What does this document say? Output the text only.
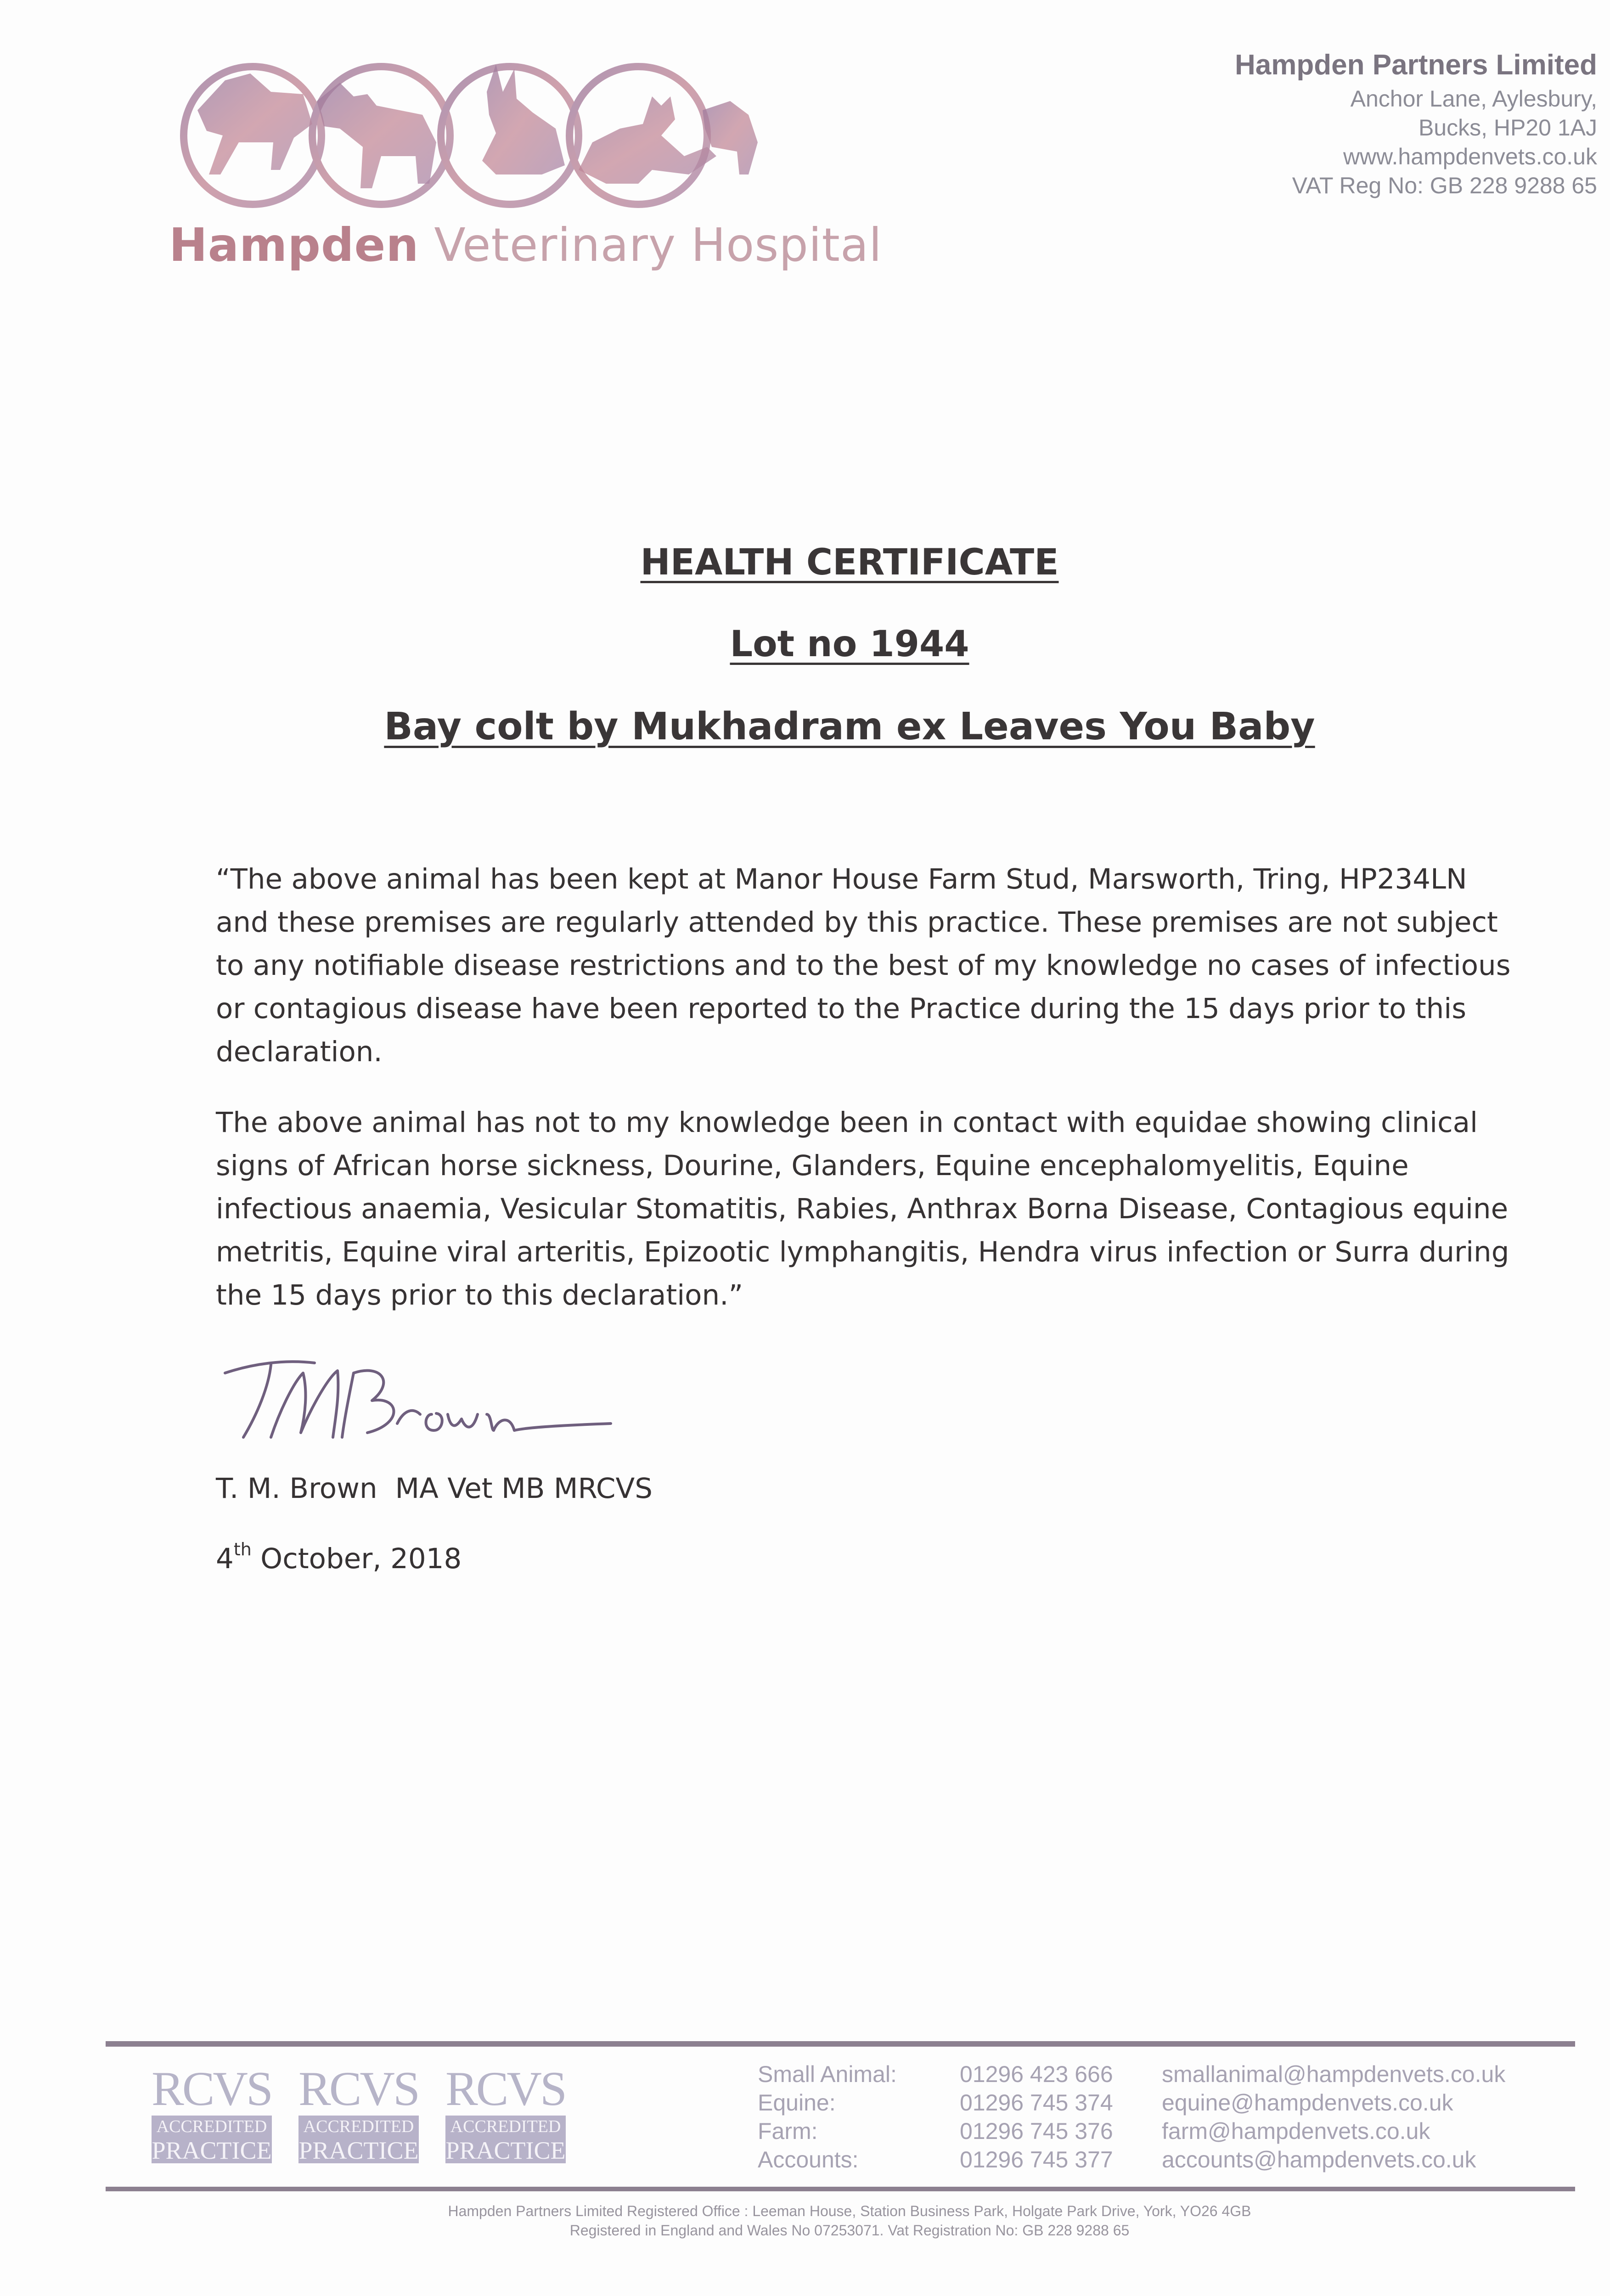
Hampden Veterinary Hospital
Hampden Partners Limited
Anchor Lane, Aylesbury,
Bucks, HP20 1AJ
www.hampdenvets.co.uk
VAT Reg No: GB 228 9288 65
HEALTH CERTIFICATE
Lot no 1944
Bay colt by Mukhadram ex Leaves You Baby

“The above animal has been kept at Manor House Farm Stud, Marsworth, Tring, HP234LN and these premises are regularly attended by this practice. These premises are not subject to any notifiable disease restrictions and to the best of my knowledge no cases of infectious or contagious disease have been reported to the Practice during the 15 days prior to this declaration.

The above animal has not to my knowledge been in contact with equidae showing clinical signs of African horse sickness, Dourine, Glanders, Equine encephalomyelitis, Equine infectious anaemia, Vesicular Stomatitis, Rabies, Anthrax Borna Disease, Contagious equine metritis, Equine viral arteritis, Epizootic lymphangitis, Hendra virus infection or Surra during the 15 days prior to this declaration.”

T. M. Brown  MA Vet MB MRCVS
4th October, 2018
RCVS
ACCREDITED
PRACTICE
RCVS
ACCREDITED
PRACTICE
RCVS
ACCREDITED
PRACTICE
Small Animal:	01296 423 666 smallanimal@hampdenvets.co.uk
Equine:	01296 745 374 equine@hampdenvets.co.uk
Farm:	01296 745 376 farm@hampdenvets.co.uk
Accounts:	01296 745 377 accounts@hampdenvets.co.uk
Hampden Partners Limited Registered Office : Leeman House, Station Business Park, Holgate Park Drive, York, YO26 4GB
Registered in England and Wales No 07253071. Vat Registration No: GB 228 9288 65
